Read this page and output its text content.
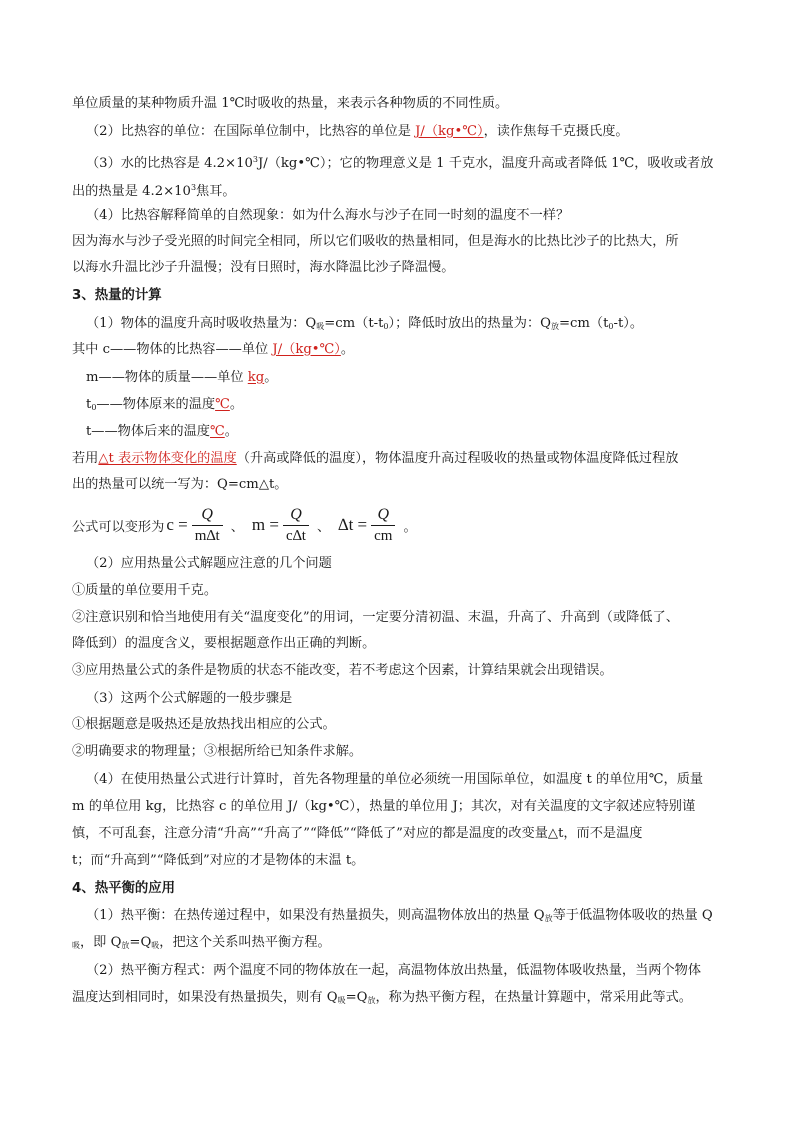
单位质量的某种物质升温 1℃时吸收的热量，来表示各种物质的不同性质。
（2）比热容的单位：在国际单位制中，比热容的单位是 J/（kg•℃），读作焦每千克摄氏度。
（3）水的比热容是 $4.2\times 10^3J/(kg•℃)$；它的物理意义是 1 千克水，温度升高或者降低 1℃，吸收或者放
出的热量是 $4.2\times 10^3$焦耳。
（4）比热容解释简单的自然现象：如为什么海水与沙子在同一时刻的温度不一样？
因为海水与沙子受光照的时间完全相同，所以它们吸收的热量相同，但是海水的比热比沙子的比热大，所
以海水升温比沙子升温慢；没有日照时，海水降温比沙子降温慢。
3、热量的计算
（1）物体的温度升高时吸收热量为：$Q_吸=cm(t-t_0)$；降低时放出的热量为：$Q_放=cm(t_0-t)$。
其中 c——物体的比热容——单位 J/（kg•℃）。
m——物体的质量——单位 kg。
$t_0——$物体原来的温度℃。
t——物体后来的温度℃。
若用△t 表示物体变化的温度（升高或降低的温度），物体温度升高过程吸收的热量或物体温度降低过程放
出的热量可以统一写为：Q=cm△t。
公式可以变形为 $c = \frac{Q}{m\Delta t}$ 、 $m = \frac{Q}{c\Delta t}$ 、 $\Delta t = \frac{Q}{cm}$ 。
（2）应用热量公式解题应注意的几个问题
①质量的单位要用千克。
②注意识别和恰当地使用有关“温度变化”的用词，一定要分清初温、末温，升高了、升高到（或降低了、
降低到）的温度含义，要根据题意作出正确的判断。
③应用热量公式的条件是物质的状态不能改变，若不考虑这个因素，计算结果就会出现错误。
（3）这两个公式解题的一般步骤是
①根据题意是吸热还是放热找出相应的公式。
②明确要求的物理量；③根据所给已知条件求解。
（4）在使用热量公式进行计算时，首先各物理量的单位必须统一用国际单位，如温度 t 的单位用℃，质量
m 的单位用 kg，比热容 c 的单位用 J/（kg•℃），热量的单位用 J；其次，对有关温度的文字叙述应特别谨
慎，不可乱套，注意分清“升高”“升高了”“降低”“降低了”对应的都是温度的改变量△t，而不是温度
t；而“升高到”“降低到”对应的才是物体的末温 t。
4、热平衡的应用
（1）热平衡：在热传递过程中，如果没有热量损失，则高温物体放出的热量 $Q_放$等于低温物体吸收的热量 Q
$_吸$，即 $Q_放=Q_吸$，把这个关系叫热平衡方程。
（2）热平衡方程式：两个温度不同的物体放在一起，高温物体放出热量，低温物体吸收热量，当两个物体
温度达到相同时，如果没有热量损失，则有 $Q_吸=Q_放$，称为热平衡方程，在热量计算题中，常采用此等式。
